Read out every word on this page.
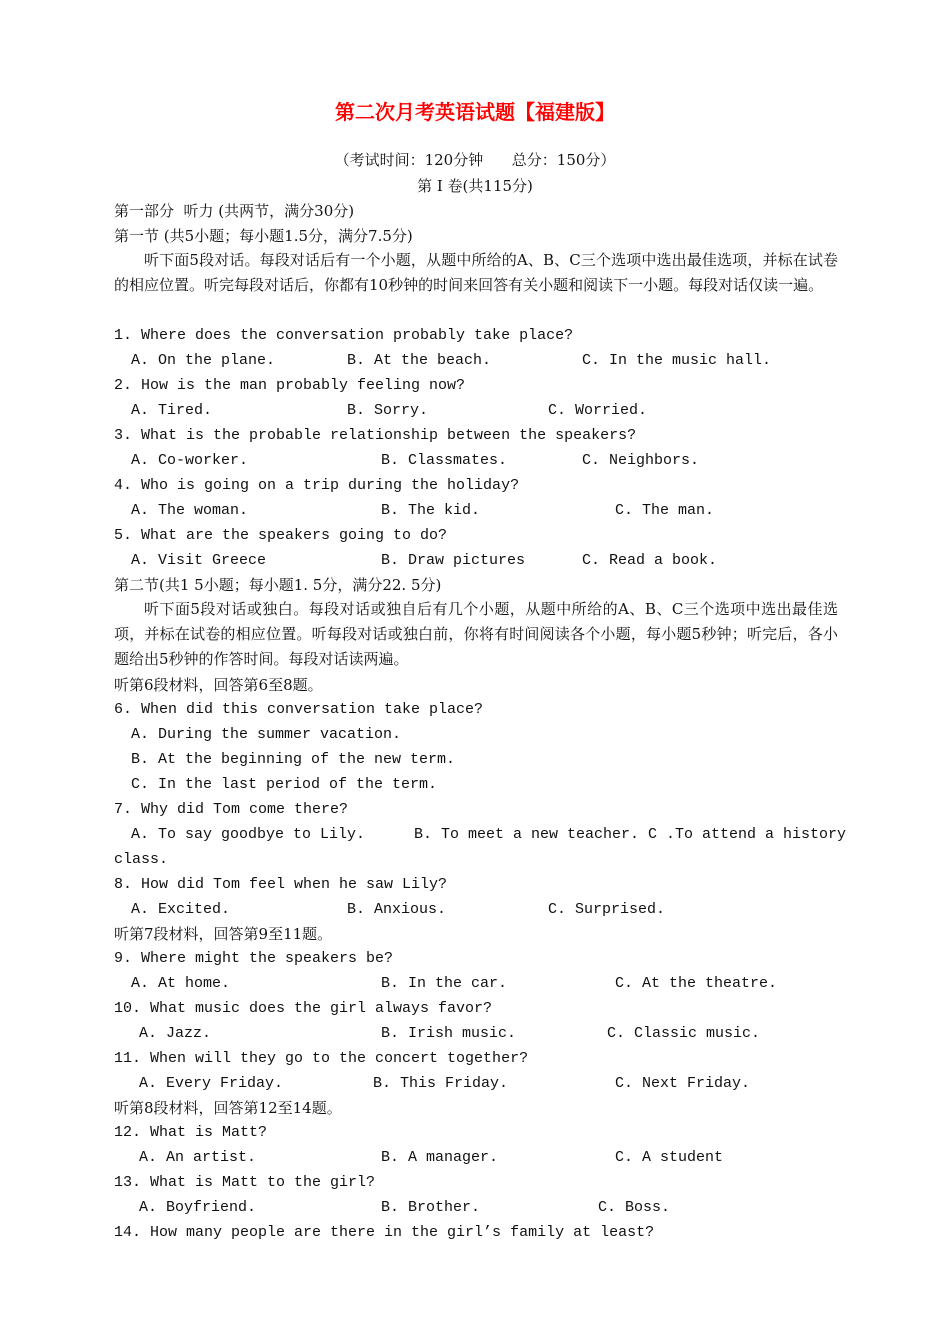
第二次月考英语试题【福建版】
（考试时间：120分钟      总分：150分）
第 I 卷(共115分)
第一部分  听力 (共两节，满分30分)
第一节 (共5小题；每小题1.5分，满分7.5分)
听下面5段对话。每段对话后有一个小题，从题中所给的A、B、C三个选项中选出最佳选项，并标在试卷的相应位置。听完每段对话后，你都有10秒钟的时间来回答有关小题和阅读下一小题。每段对话仅读一遍。
1. Where does the conversation probably take place?
A. On the plane.	B. At the beach.	C. In the music hall.
2. How is the man probably feeling now?
A. Tired.	B. Sorry.	C. Worried.
3. What is the probable relationship between the speakers?
A. Co-worker.	B. Classmates.	C. Neighbors.
4. Who is going on a trip during the holiday?
A. The woman.	B. The kid.	C. The man.
5. What are the speakers going to do?
A. Visit Greece	B. Draw pictures	C. Read a book.
第二节(共1 5小题；每小题1. 5分，满分22. 5分)
听下面5段对话或独白。每段对话或独自后有几个小题，从题中所给的A、B、C三个选项中选出最佳选项，并标在试卷的相应位置。听每段对话或独白前，你将有时间阅读各个小题，每小题5秒钟；听完后，各小题给出5秒钟的作答时间。每段对话读两遍。
听第6段材料，回答第6至8题。
6. When did this conversation take place?
A. During the summer vacation.
B. At the beginning of the new term.
C. In the last period of the term.
7. Why did Tom come there?
A. To say goodbye to Lily.	B. To meet a new teacher. C .To attend a history
class.
8. How did Tom feel when he saw Lily?
A. Excited.	B. Anxious.	C. Surprised.
听第7段材料，回答第9至11题。
9. Where might the speakers be?
A. At home.	B. In the car.	C. At the theatre.
10. What music does the girl always favor?
A. Jazz.	B. Irish music.	C. Classic music.
11. When will they go to the concert together?
A. Every Friday.	B. This Friday.	C. Next Friday.
听第8段材料，回答第12至14题。
12. What is Matt?
A. An artist.	B. A manager.	C. A student
13. What is Matt to the girl?
A. Boyfriend.	B. Brother.	C. Boss.
14. How many people are there in the girl’s family at least?
